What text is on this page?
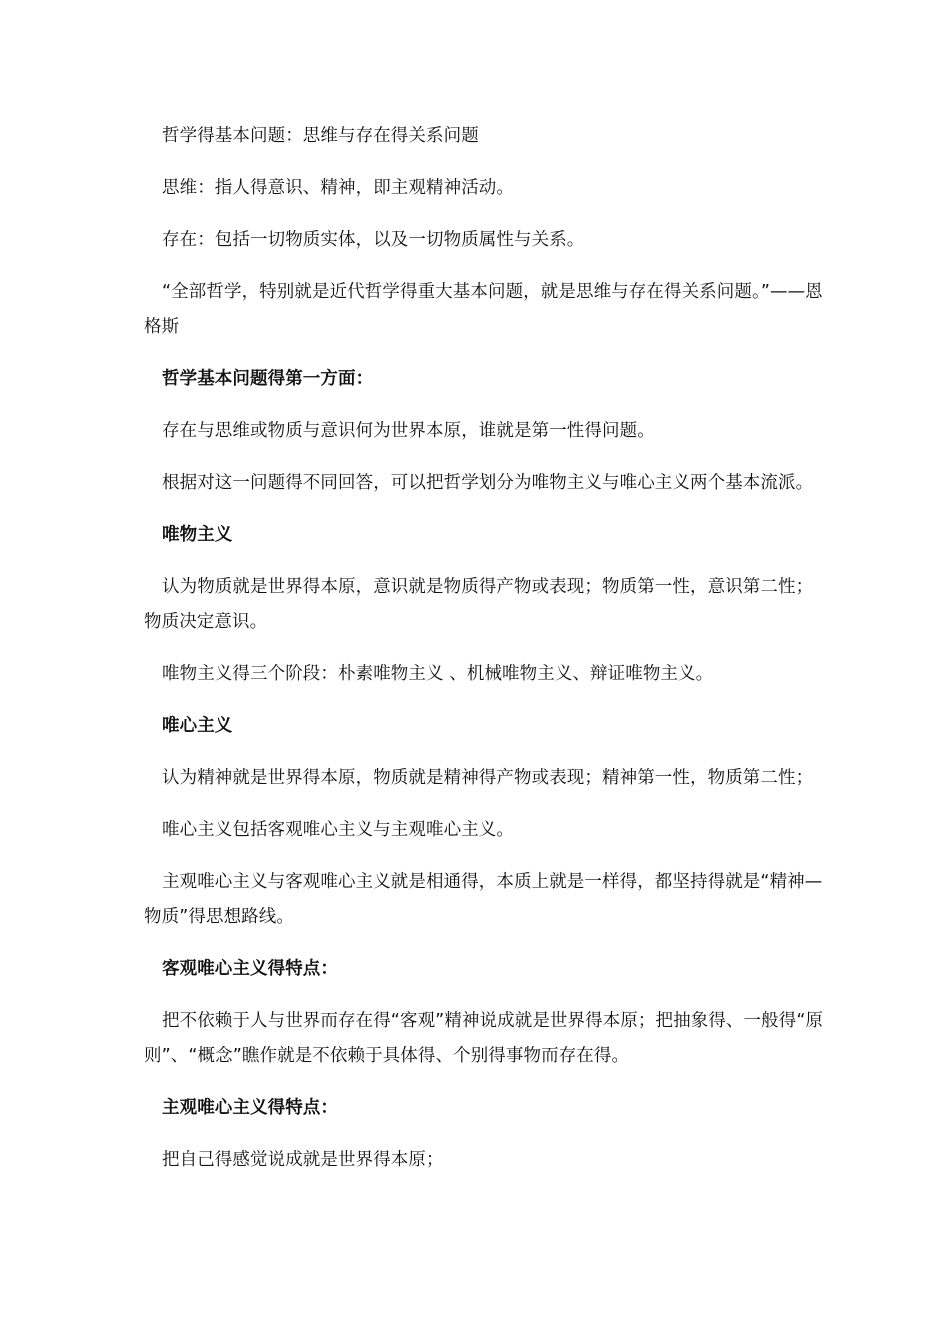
哲学得基本问题：思维与存在得关系问题

思维：指人得意识、精神，即主观精神活动。

存在：包括一切物质实体，以及一切物质属性与关系。

“全部哲学，特别就是近代哲学得重大基本问题，就是思维与存在得关系问题。”——恩格斯

哲学基本问题得第一方面：

存在与思维或物质与意识何为世界本原，谁就是第一性得问题。

根据对这一问题得不同回答，可以把哲学划分为唯物主义与唯心主义两个基本流派。

唯物主义

认为物质就是世界得本原，意识就是物质得产物或表现；物质第一性，意识第二性；物质决定意识。

唯物主义得三个阶段：朴素唯物主义 、机械唯物主义、辩证唯物主义。

唯心主义

认为精神就是世界得本原，物质就是精神得产物或表现；精神第一性，物质第二性；

唯心主义包括客观唯心主义与主观唯心主义。

主观唯心主义与客观唯心主义就是相通得，本质上就是一样得，都坚持得就是“精神—物质”得思想路线。

客观唯心主义得特点：

把不依赖于人与世界而存在得“客观”精神说成就是世界得本原；把抽象得、一般得“原则”、“概念”瞧作就是不依赖于具体得、个别得事物而存在得。

主观唯心主义得特点：

把自己得感觉说成就是世界得本原；
